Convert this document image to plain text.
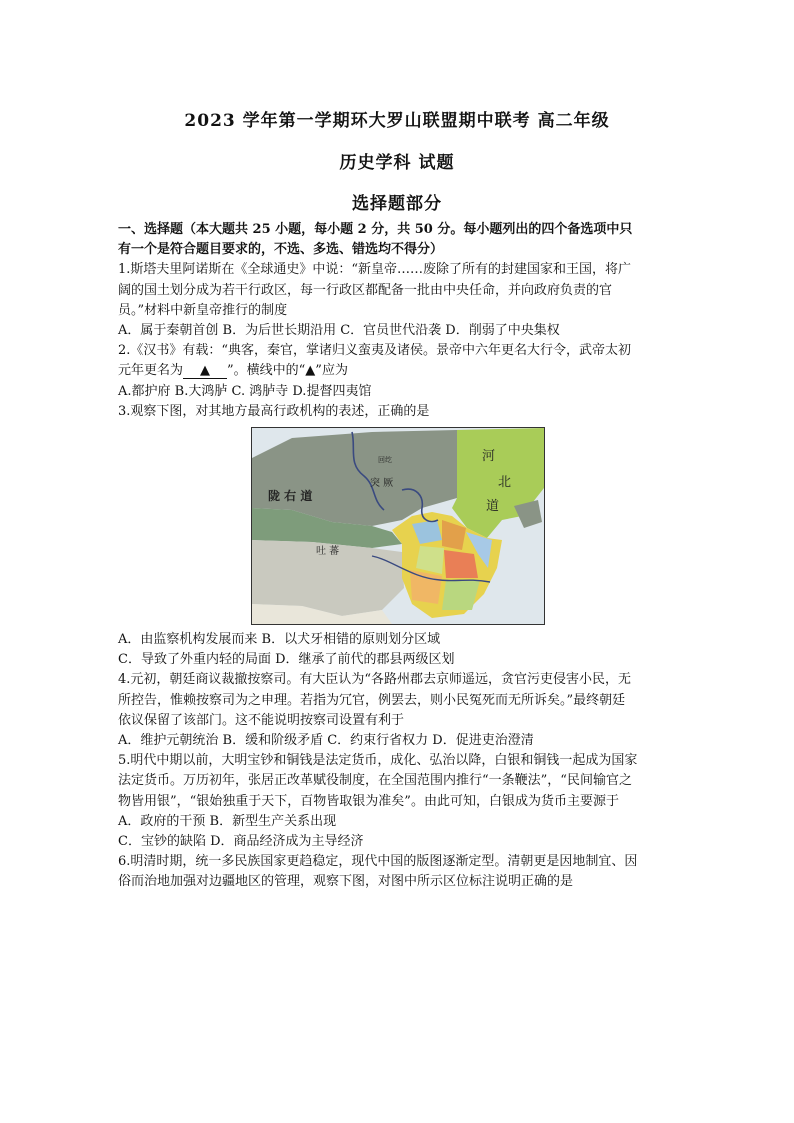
2023 学年第一学期环大罗山联盟期中联考 高二年级
历史学科 试题
选择题部分

一、选择题（本大题共 25 小题，每小题 2 分，共 50 分。每小题列出的四个备选项中只

有一个是符合题目要求的，不选、多选、错选均不得分）

1.斯塔夫里阿诺斯在《全球通史》中说：“新皇帝……废除了所有的封建国家和王国，将广

阔的国土划分成为若干行政区，每一行政区都配备一批由中央任命，并向政府负责的官

员。”材料中新皇帝推行的制度

A．属于秦朝首创 B．为后世长期沿用 C．官员世代沿袭 D．削弱了中央集权

2.《汉书》有载：“典客，秦官，掌诸归义蛮夷及诸侯。景帝中六年更名大行令，武帝太初

元年更名为 ▲ ”。横线中的“▲”应为

A.都护府 B.大鸿胪 C. 鸿胪寺 D.提督四夷馆

3.观察下图，对其地方最高行政机构的表述，正确的是

河
北
道
突 厥
陇 右 道
吐 蕃
回纥

A．由监察机构发展而来 B．以犬牙相错的原则划分区域

C．导致了外重内轻的局面 D．继承了前代的郡县两级区划

4.元初，朝廷商议裁撤按察司。有大臣认为“各路州郡去京师遥远，贪官污吏侵害小民，无

所控告，惟赖按察司为之申理。若指为冗官，例罢去，则小民冤死而无所诉矣。”最终朝廷

依议保留了该部门。这不能说明按察司设置有利于

A．维护元朝统治 B．缓和阶级矛盾 C．约束行省权力 D．促进吏治澄清

5.明代中期以前，大明宝钞和铜钱是法定货币，成化、弘治以降，白银和铜钱一起成为国家

法定货币。万历初年，张居正改革赋役制度，在全国范围内推行“一条鞭法”，“民间输官之

物皆用银”，“银始独重于天下，百物皆取银为准矣”。由此可知，白银成为货币主要源于

A．政府的干预 B．新型生产关系出现

C．宝钞的缺陷 D．商品经济成为主导经济

6.明清时期，统一多民族国家更趋稳定，现代中国的版图逐渐定型。清朝更是因地制宜、因

俗而治地加强对边疆地区的管理，观察下图，对图中所示区位标注说明正确的是
